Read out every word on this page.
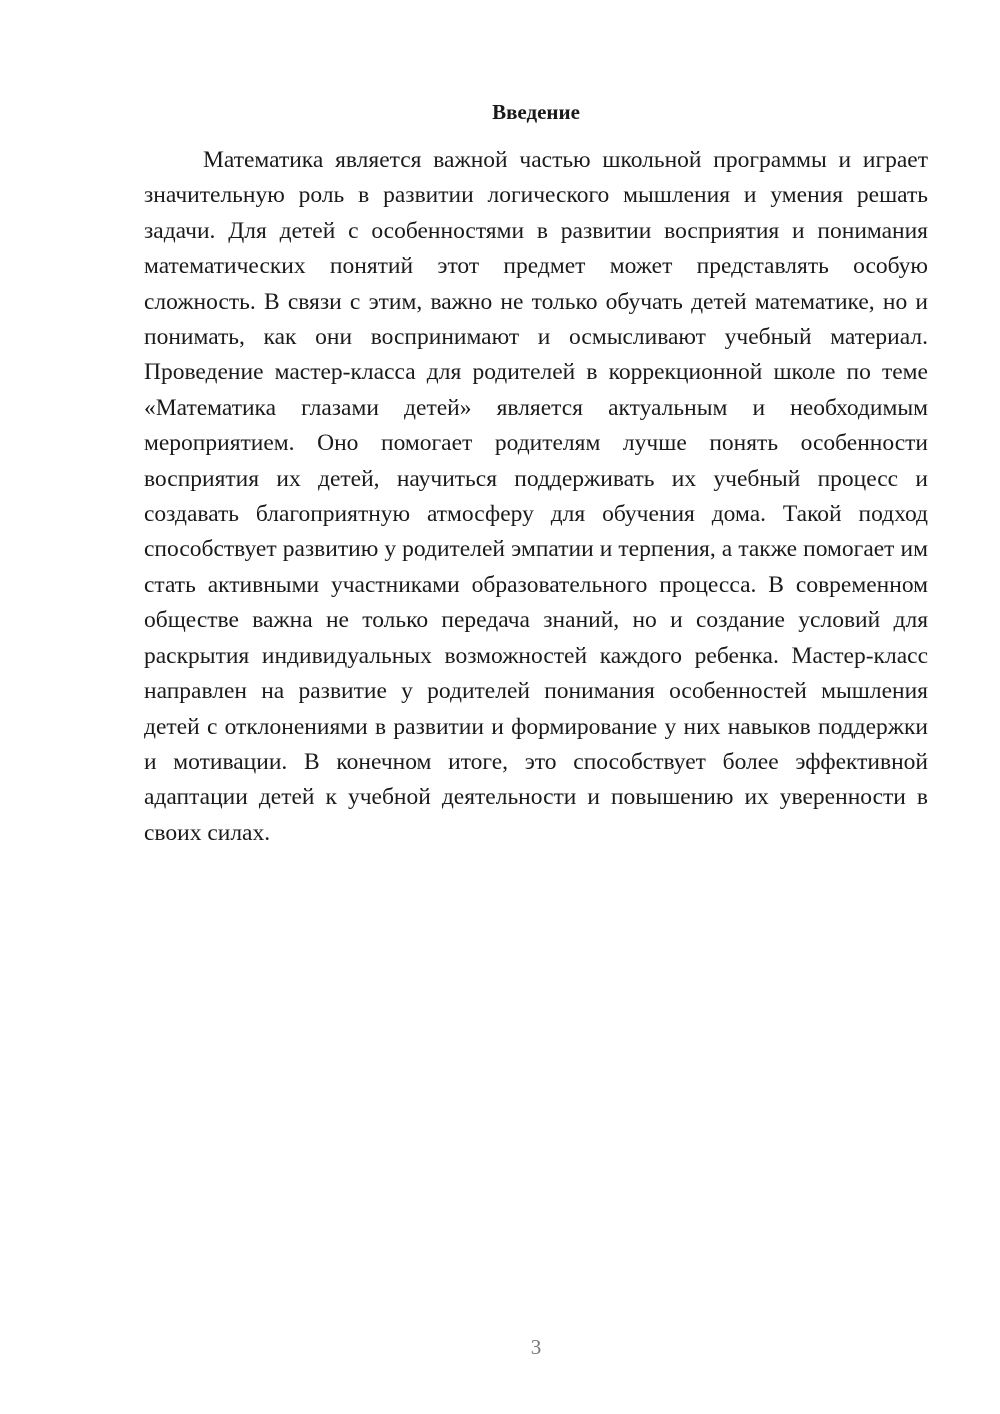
Введение

Математика является важной частью школьной программы и играет значительную роль в развитии логического мышления и умения решать задачи. Для детей с особенностями в развитии восприятия и понимания математических понятий этот предмет может представлять особую сложность. В связи с этим, важно не только обучать детей математике, но и понимать, как они воспринимают и осмысливают учебный материал. Проведение мастер-класса для родителей в коррекционной школе по теме «Математика глазами детей» является актуальным и необходимым мероприятием. Оно помогает родителям лучше понять особенности восприятия их детей, научиться поддерживать их учебный процесс и создавать благоприятную атмосферу для обучения дома. Такой подход способствует развитию у родителей эмпатии и терпения, а также помогает им стать активными участниками образовательного процесса. В современном обществе важна не только передача знаний, но и создание условий для раскрытия индивидуальных возможностей каждого ребенка. Мастер-класс направлен на развитие у родителей понимания особенностей мышления детей с отклонениями в развитии и формирование у них навыков поддержки и мотивации. В конечном итоге, это способствует более эффективной адаптации детей к учебной деятельности и повышению их уверенности в своих силах.

3
